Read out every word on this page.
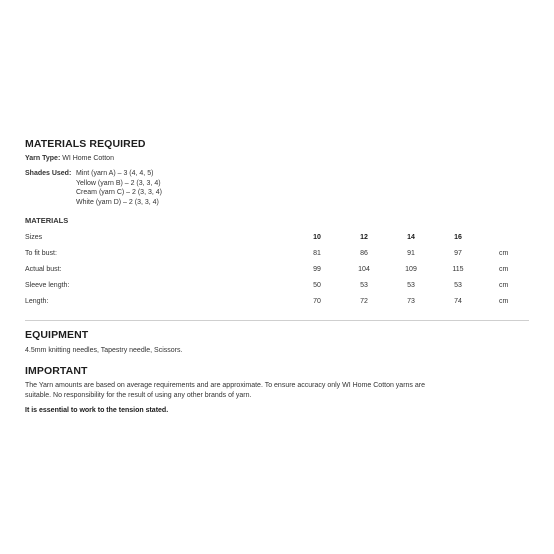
MATERIALS REQUIRED
Yarn Type: WI Home Cotton
Shades Used: Mint (yarn A) – 3 (4, 4, 5)
Yellow (yarn B) – 2 (3, 3, 4)
Cream (yarn C) – 2 (3, 3, 4)
White (yarn D) – 2 (3, 3, 4)
MATERIALS
Sizes	10	12	14	16
To fit bust:	81	86	91	97	cm
Actual bust:	99	104	109	115	cm
Sleeve length:	50	53	53	53	cm
Length:	70	72	73	74	cm
EQUIPMENT
4.5mm knitting needles, Tapestry needle, Scissors.
IMPORTANT
The Yarn amounts are based on average requirements and are approximate. To ensure accuracy only WI Home Cotton yarns are
suitable. No responsibility for the result of using any other brands of yarn.
It is essential to work to the tension stated.
